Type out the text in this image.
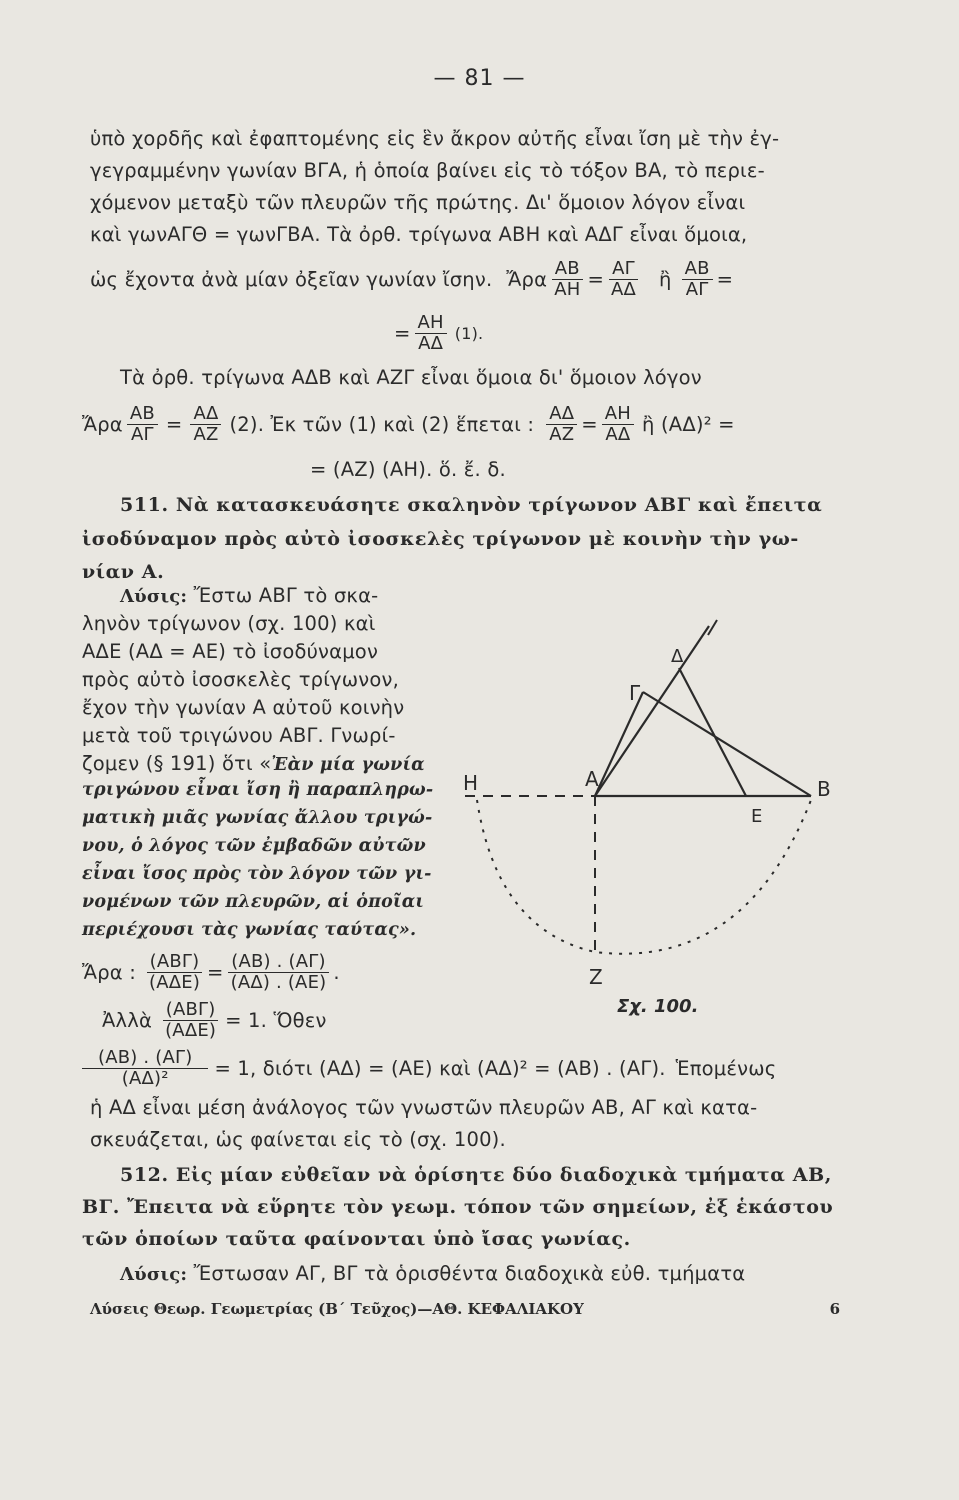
— 81 —
ὑπὸ χορδῆς καὶ ἐφαπτομένης εἰς ἓν ἄκρον αὐτῆς εἶναι ἴση μὲ τὴν ἐγ-
γεγραμμένην γωνίαν ΒΓΑ, ἡ ὁποία βαίνει εἰς τὸ τόξον ΒΑ, τὸ περιε-
χόμενον μεταξὺ τῶν πλευρῶν τῆς πρώτης. Δι' ὅμοιον λόγον εἶναι
καὶ γωνΑΓΘ = γωνΓΒΑ. Τὰ ὀρθ. τρίγωνα ΑΒΗ καὶ ΑΔΓ εἶναι ὅμοια,
ὡς ἔχοντα ἀνὰ μίαν ὀξεῖαν γωνίαν ἴσην. Ἄρα $\frac{AB}{AH} = \frac{A\Gamma}{A\Delta}$ ἢ $\frac{AB}{A\Gamma}$ =
= $\frac{AH}{A\Delta} (1)$.
Τὰ ὀρθ. τρίγωνα ΑΔΒ καὶ ΑΖΓ εἶναι ὅμοια δι' ὅμοιον λόγον
Ἄρα $\frac{AB}{A\Gamma} = \frac{A\Delta}{AZ} (2)$. Ἐκ τῶν (1) καὶ (2) ἕπεται : $\frac{A\Delta}{AZ} = \frac{AH}{A\Delta}$ ἢ (ΑΔ)² =
= (ΑΖ) (ΑΗ). ὅ. ἔ. δ.
511. Νὰ κατασκευάσητε σκαληνὸν τρίγωνον ΑΒΓ καὶ ἔπειτα
ἰσοδύναμον πρὸς αὐτὸ ἰσοσκελὲς τρίγωνον μὲ κοινὴν τὴν γω-
νίαν Α.
Λύσις: Ἔστω ΑΒΓ τὸ σκα-
ληνὸν τρίγωνον (σχ. 100) καὶ
ΑΔΕ (ΑΔ = ΑΕ) τὸ ἰσοδύναμον
πρὸς αὐτὸ ἰσοσκελὲς τρίγωνον,
ἔχον τὴν γωνίαν Α αὐτοῦ κοινὴν
μετὰ τοῦ τριγώνου ΑΒΓ. Γνωρί-
ζομεν (§ 191) ὅτι «Ἐὰν μία γωνία
τριγώνου εἶναι ἴση ἢ παραπληρω-
ματικὴ μιᾶς γωνίας ἄλλου τριγώ-
νου, ὁ λόγος τῶν ἐμβαδῶν αὐτῶν
εἶναι ἴσος πρὸς τὸν λόγον τῶν γι-
νομένων τῶν πλευρῶν, αἱ ὁποῖαι
περιέχουσι τὰς γωνίας ταύτας».
Ἄρα : $\frac{\text{(ΑΒΓ)}}{\text{(ΑΔΕ)}} = \frac{(AB) . (A\Gamma)}{(A\Delta) . (AE)}$ .
Ἀλλὰ $\frac{\text{(ΑΒΓ)}}{\text{(ΑΔΕ)}} = 1$. Ὅθεν
$\frac{(AB) . (A\Gamma)}{\text{(ΑΔ)²}} = 1$, διότι (ΑΔ) = (ΑΕ) καὶ (ΑΔ)² = (ΑΒ) . (ΑΓ). Ἑπομένως
ἡ ΑΔ εἶναι μέση ἀνάλογος τῶν γνωστῶν πλευρῶν ΑΒ, ΑΓ καὶ κατα-
σκευάζεται, ὡς φαίνεται εἰς τὸ (σχ. 100).
Η	Α	Β
Γ
Δ
Ε
Ζ
Σχ. 100.
512. Εἰς μίαν εὐθεῖαν νὰ ὁρίσητε δύο διαδοχικὰ τμήματα ΑΒ,
ΒΓ. Ἔπειτα νὰ εὕρητε τὸν γεωμ. τόπον τῶν σημείων, ἐξ ἑκάστου
τῶν ὁποίων ταῦτα φαίνονται ὑπὸ ἴσας γωνίας.
Λύσεις Θεωρ. Γεωμετρίας (Β΄ Τεῦχος)—ΑΘ. ΚΕΦΑΛΙΑΚΟΥ	6
Λύσις: Ἔστωσαν ΑΓ, ΒΓ τὰ ὁρισθέντα διαδοχικὰ εὐθ. τμήματα
